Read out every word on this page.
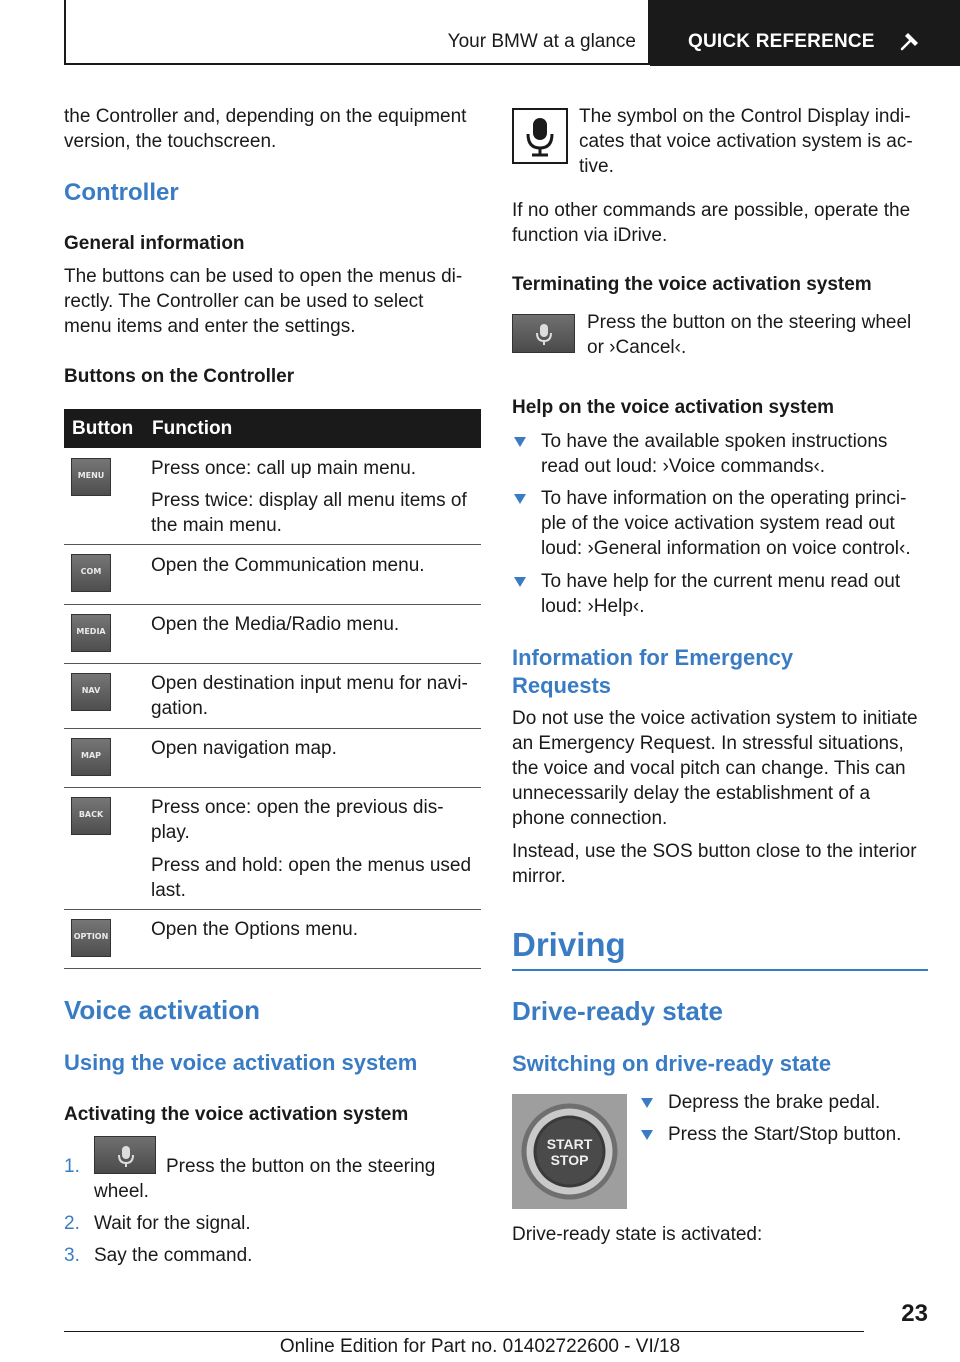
Your BMW at a glance	QUICK REFERENCE
the Controller and, depending on the equipment
version, the touchscreen.
Controller
General information
The buttons can be used to open the menus di-
rectly. The Controller can be used to select
menu items and enter the settings.
Buttons on the Controller
Button Function
MENU Press once: call up main menu.
Press twice: display all menu items of
the main menu.
COM	Open the Communication menu.
MEDIA Open the Media/Radio menu.
NAV	Open destination input menu for navi-
gation.
MAP	Open navigation map.
BACK	Press once: open the previous dis-
play.
Press and hold: open the menus used
last.
OPTION Open the Options menu.
Voice activation
Using the voice activation system
Activating the voice activation system
1.	Press the button on the steering
wheel.
2. Wait for the signal.
3. Say the command.
The symbol on the Control Display indi-
cates that voice activation system is ac-
tive.
If no other commands are possible, operate the
function via iDrive.
Terminating the voice activation system
Press the button on the steering wheel
or ›Cancel‹.
Help on the voice activation system
To have the available spoken instructions
read out loud: ›Voice commands‹.
To have information on the operating princi-
ple of the voice activation system read out
loud: ›General information on voice control‹.
To have help for the current menu read out
loud: ›Help‹.
Information for Emergency
Requests
Do not use the voice activation system to initiate
an Emergency Request. In stressful situations,
the voice and vocal pitch can change. This can
unnecessarily delay the establishment of a
phone connection.
Instead, use the SOS button close to the interior
mirror.
Driving
Drive-ready state
Switching on drive-ready state
START
STOP
Depress the brake pedal.
Press the Start/Stop button.
Drive-ready state is activated:
23
Online Edition for Part no. 01402722600 - VI/18
